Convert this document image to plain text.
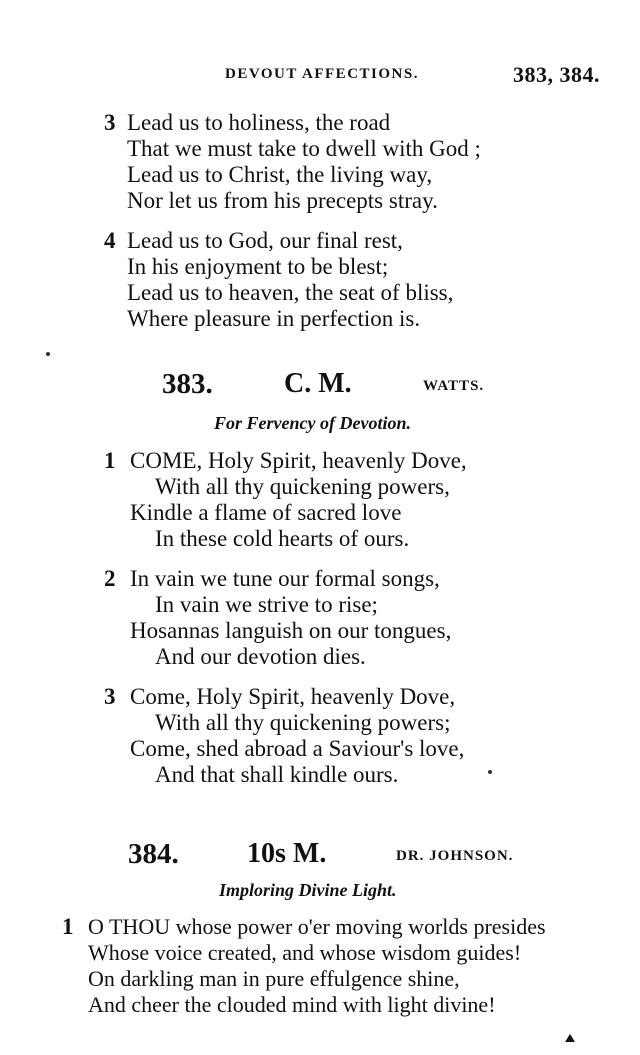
DEVOUT AFFECTIONS.	383, 384.
3 Lead us to holiness, the road
That we must take to dwell with God ;
Lead us to Christ, the living way,
Nor let us from his precepts stray.
4 Lead us to God, our final rest,
In his enjoyment to be blest;
Lead us to heaven, the seat of bliss,
Where pleasure in perfection is.
383.	C. M.	WATTS.
For Fervency of Devotion.
1 COME, Holy Spirit, heavenly Dove,
With all thy quickening powers,
Kindle a flame of sacred love
In these cold hearts of ours.
2 In vain we tune our formal songs,
In vain we strive to rise;
Hosannas languish on our tongues,
And our devotion dies.
3 Come, Holy Spirit, heavenly Dove,
With all thy quickening powers;
Come, shed abroad a Saviour's love,
And that shall kindle ours.
384. 10s M.	DR. JOHNSON.
Imploring Divine Light.
1 O THOU whose power o'er moving worlds presides
Whose voice created, and whose wisdom guides!
On darkling man in pure effulgence shine,
And cheer the clouded mind with light divine!
